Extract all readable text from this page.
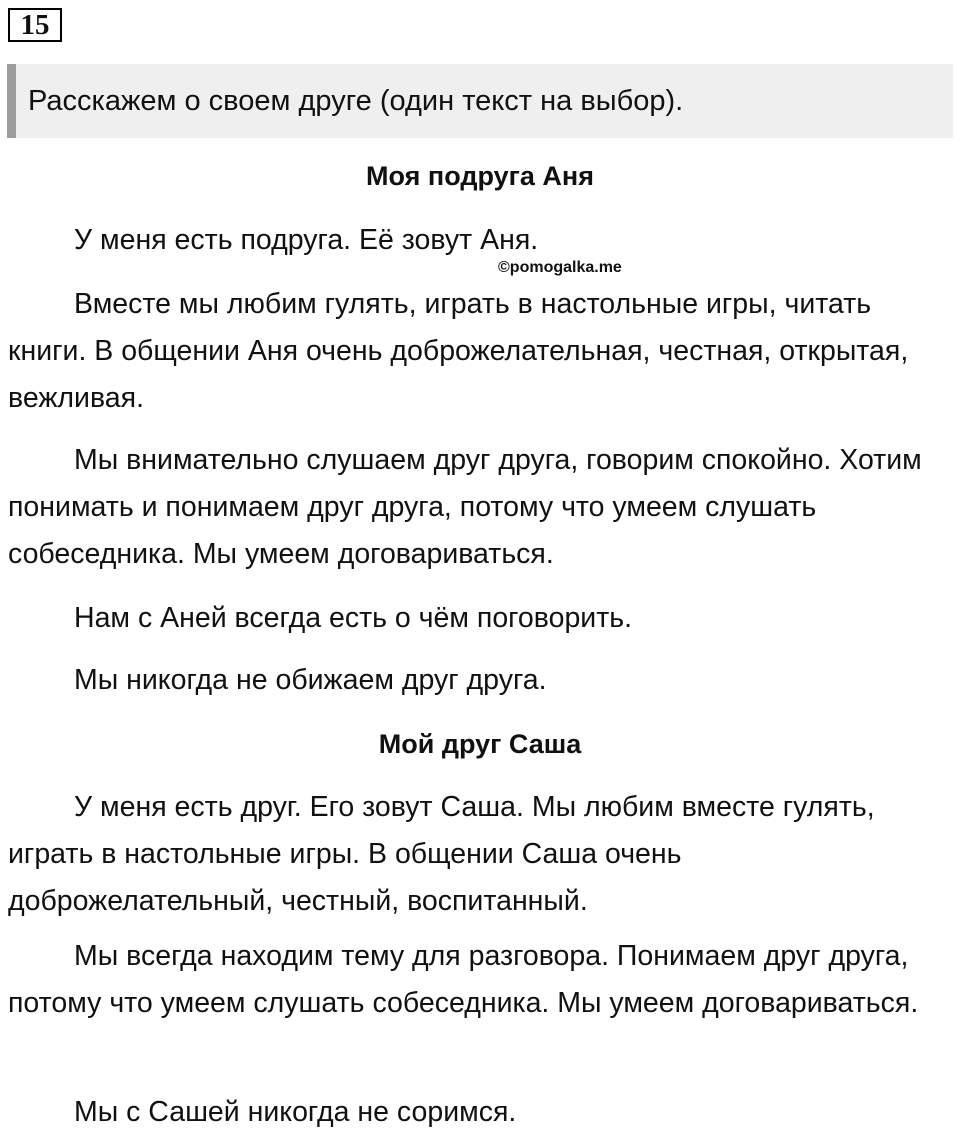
15
Расскажем о своем друге (один текст на выбор).
Моя подруга Аня

У меня есть подруга. Её зовут Аня.

©pomogalka.me

Вместе мы любим гулять, играть в настольные игры, читать книги. В общении Аня очень доброжелательная, честная, открытая, вежливая.

Мы внимательно слушаем друг друга, говорим спокойно. Хотим понимать и понимаем друг друга, потому что умеем слушать собеседника. Мы умеем договариваться.

Нам с Аней всегда есть о чём поговорить.

Мы никогда не обижаем друг друга.

Мой друг Саша

У меня есть друг. Его зовут Саша. Мы любим вместе гулять, играть в настольные игры. В общении Саша очень доброжелательный, честный, воспитанный.

Мы всегда находим тему для разговора. Понимаем друг друга, потому что умеем слушать собеседника. Мы умеем договариваться.

Мы с Сашей никогда не соримся.
